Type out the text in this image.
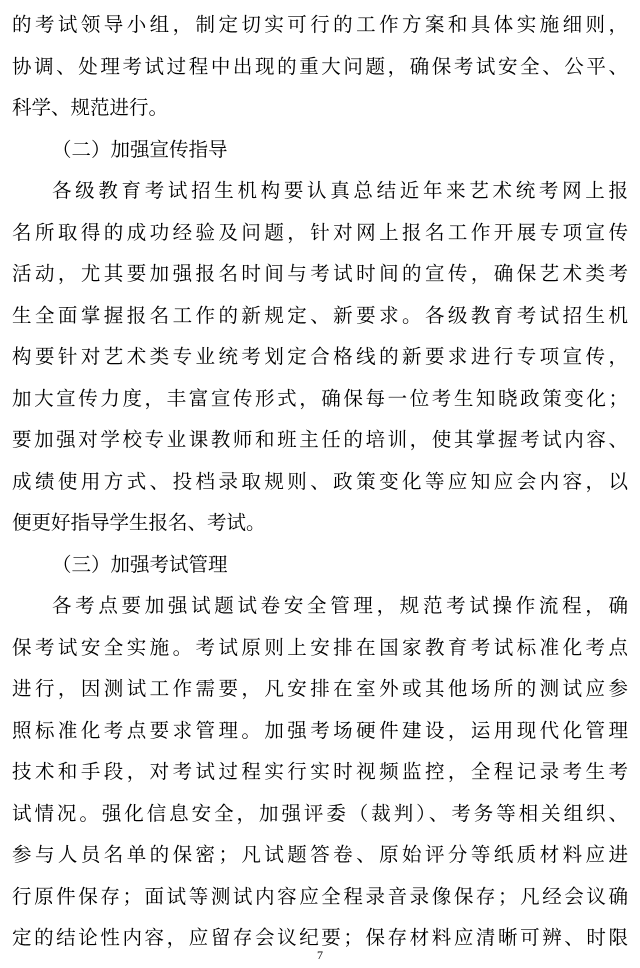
的考试领导小组，制定切实可行的工作方案和具体实施细则，
协调、处理考试过程中出现的重大问题，确保考试安全、公平、
科学、规范进行。
（二）加强宣传指导
各级教育考试招生机构要认真总结近年来艺术统考网上报
名所取得的成功经验及问题，针对网上报名工作开展专项宣传
活动，尤其要加强报名时间与考试时间的宣传，确保艺术类考
生全面掌握报名工作的新规定、新要求。各级教育考试招生机
构要针对艺术类专业统考划定合格线的新要求进行专项宣传，
加大宣传力度，丰富宣传形式，确保每一位考生知晓政策变化；
要加强对学校专业课教师和班主任的培训，使其掌握考试内容、
成绩使用方式、投档录取规则、政策变化等应知应会内容，以
便更好指导学生报名、考试。
（三）加强考试管理
各考点要加强试题试卷安全管理，规范考试操作流程，确
保考试安全实施。考试原则上安排在国家教育考试标准化考点
进行，因测试工作需要，凡安排在室外或其他场所的测试应参
照标准化考点要求管理。加强考场硬件建设，运用现代化管理
技术和手段，对考试过程实行实时视频监控，全程记录考生考
试情况。强化信息安全，加强评委（裁判）、考务等相关组织、
参与人员名单的保密；凡试题答卷、原始评分等纸质材料应进
行原件保存；面试等测试内容应全程录音录像保存；凡经会议确
定的结论性内容，应留存会议纪要；保存材料应清晰可辨、时限
7
